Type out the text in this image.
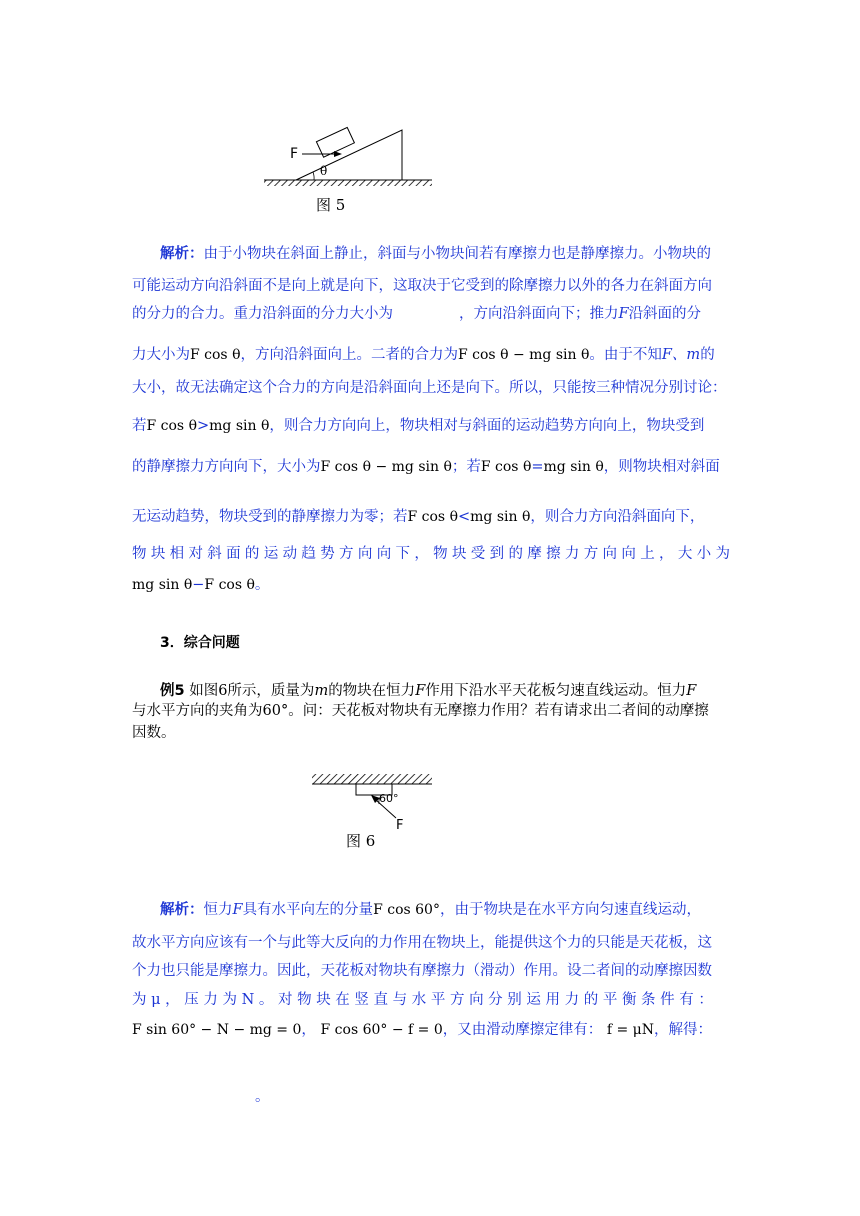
F
θ
图 5
解析：由于小物块在斜面上静止，斜面与小物块间若有摩擦力也是静摩擦力。小物块的
可能运动方向沿斜面不是向上就是向下，这取决于它受到的除摩擦力以外的各力在斜面方向
的分力的合力。重力沿斜面的分力大小为	，方向沿斜面向下；推力F沿斜面的分
力大小为F cos θ，方向沿斜面向上。二者的合力为F cos θ − mg sin θ。由于不知F、m的
大小，故无法确定这个合力的方向是沿斜面向上还是向下。所以，只能按三种情况分别讨论：
若F cos θ>mg sin θ，则合力方向向上，物块相对与斜面的运动趋势方向向上，物块受到
的静摩擦力方向向下，大小为F cos θ − mg sin θ；若F cos θ=mg sin θ，则物块相对斜面
无运动趋势，物块受到的静摩擦力为零；若F cos θ<mg sin θ，则合力方向沿斜面向下，
物块相对斜面的运动趋势方向向下，物块受到的摩擦力方向向上，大小为
mg sin θ−F cos θ。
3．综合问题
例5 如图6所示，质量为m的物块在恒力F作用下沿水平天花板匀速直线运动。恒力F
与水平方向的夹角为60°。问：天花板对物块有无摩擦力作用？若有请求出二者间的动摩擦
因数。
60°
F
图 6
解析：恒力F具有水平向左的分量F cos 60°，由于物块是在水平方向匀速直线运动，
故水平方向应该有一个与此等大反向的力作用在物块上，能提供这个力的只能是天花板，这
个力也只能是摩擦力。因此，天花板对物块有摩擦力（滑动）作用。设二者间的动摩擦因数
为 μ ， 压 力 为 N 。 对 物 块 在 竖 直 与 水 平 方 向 分 别 运 用 力 的 平 衡 条 件 有 ：
F sin 60° − N − mg = 0， F cos 60° − f = 0，又由滑动摩擦定律有： f = μN，解得：
。
